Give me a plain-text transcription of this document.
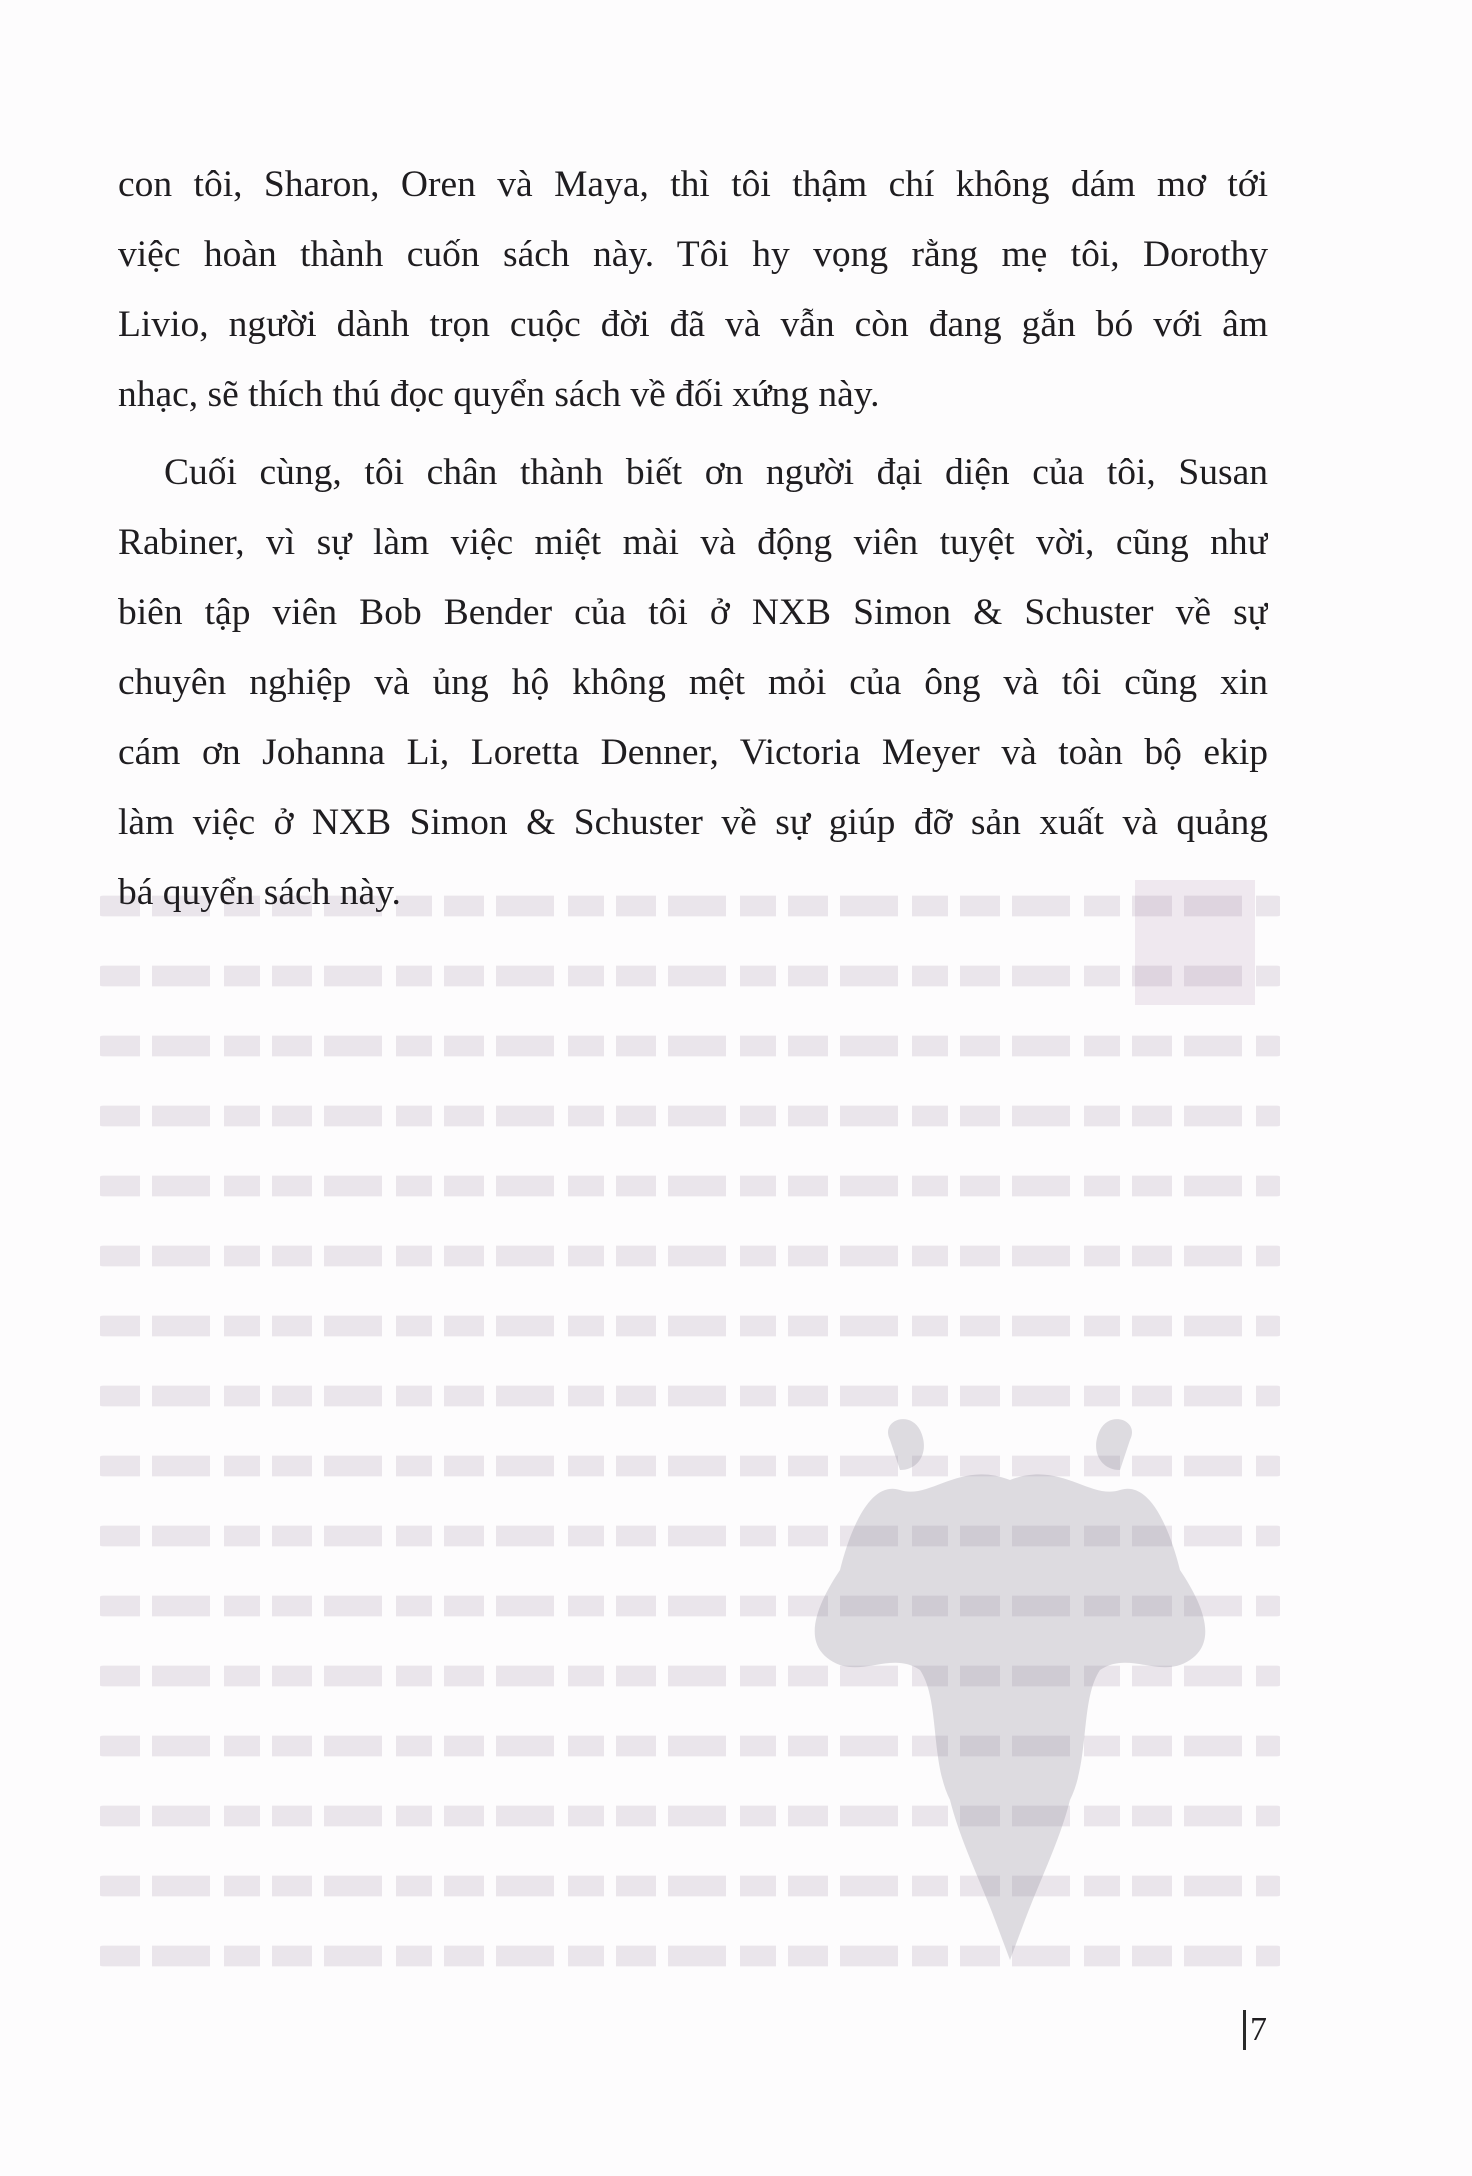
con tôi, Sharon, Oren và Maya, thì tôi thậm chí không dám mơ tới
việc hoàn thành cuốn sách này. Tôi hy vọng rằng mẹ tôi, Dorothy
Livio, người dành trọn cuộc đời đã và vẫn còn đang gắn bó với âm
nhạc, sẽ thích thú đọc quyển sách về đối xứng này.
Cuối cùng, tôi chân thành biết ơn người đại diện của tôi, Susan
Rabiner, vì sự làm việc miệt mài và động viên tuyệt vời, cũng như
biên tập viên Bob Bender của tôi ở NXB Simon & Schuster về sự
chuyên nghiệp và ủng hộ không mệt mỏi của ông và tôi cũng xin
cám ơn Johanna Li, Loretta Denner, Victoria Meyer và toàn bộ ekip
làm việc ở NXB Simon & Schuster về sự giúp đỡ sản xuất và quảng
bá quyển sách này.
7
